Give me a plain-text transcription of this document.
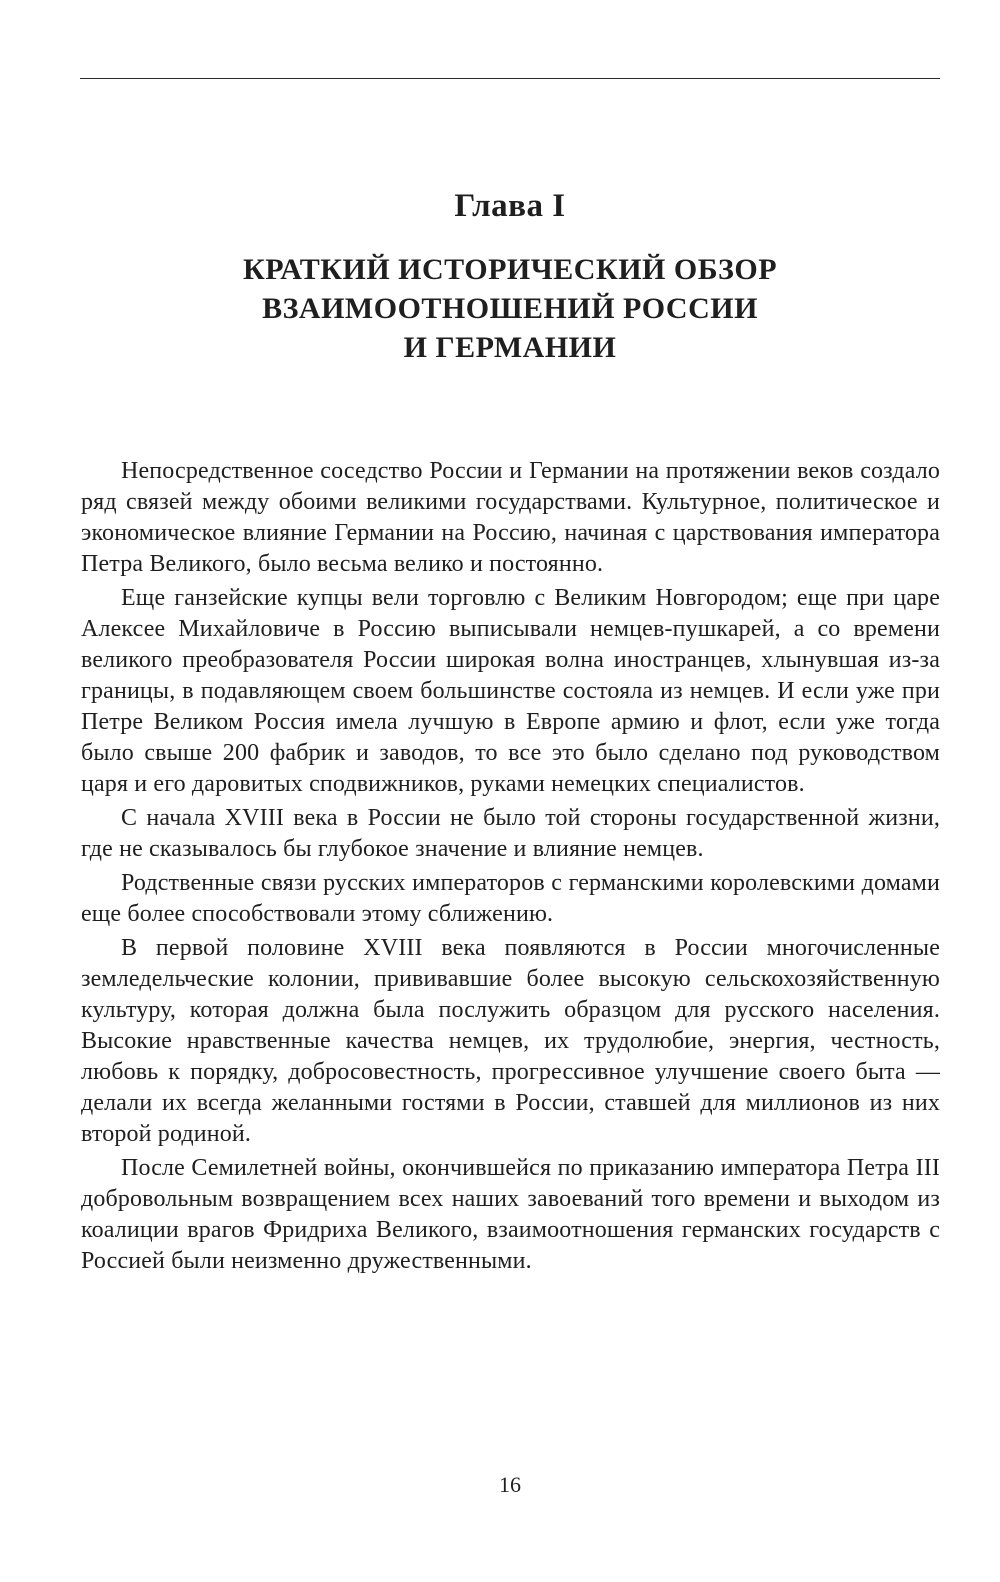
Глава I
КРАТКИЙ ИСТОРИЧЕСКИЙ ОБЗОР
ВЗАИМООТНОШЕНИЙ РОССИИ
И ГЕРМАНИИ

Непосредственное соседство России и Германии на протяжении веков создало ряд связей между обоими великими государствами. Культурное, политическое и экономическое влияние Германии на Россию, начиная с царствования императора Петра Великого, было весьма велико и постоянно.

Еще ганзейские купцы вели торговлю с Великим Новгородом; еще при царе Алексее Михайловиче в Россию выписывали немцев-пушкарей, а со времени великого преобразователя России широкая волна иностранцев, хлынувшая из-за границы, в подавляющем своем большинстве состояла из немцев. И если уже при Петре Великом Россия имела лучшую в Европе армию и флот, если уже тогда было свыше 200 фабрик и заводов, то все это было сделано под руководством царя и его даровитых сподвижников, руками немецких специалистов.

С начала XVIII века в России не было той стороны государственной жизни, где не сказывалось бы глубокое значение и влияние немцев.

Родственные связи русских императоров с германскими королевскими домами еще более способствовали этому сближению.

В первой половине XVIII века появляются в России многочисленные земледельческие колонии, прививавшие более высокую сельскохозяйственную культуру, которая должна была послужить образцом для русского населения. Высокие нравственные качества немцев, их трудолюбие, энергия, честность, любовь к порядку, добросовестность, прогрессивное улучшение своего быта — делали их всегда желанными гостями в России, ставшей для миллионов из них второй родиной.

После Семилетней войны, окончившейся по приказанию императора Петра III добровольным возвращением всех наших завоеваний того времени и выходом из коалиции врагов Фридриха Великого, взаимоотношения германских государств с Россией были неизменно дружественными.

16
